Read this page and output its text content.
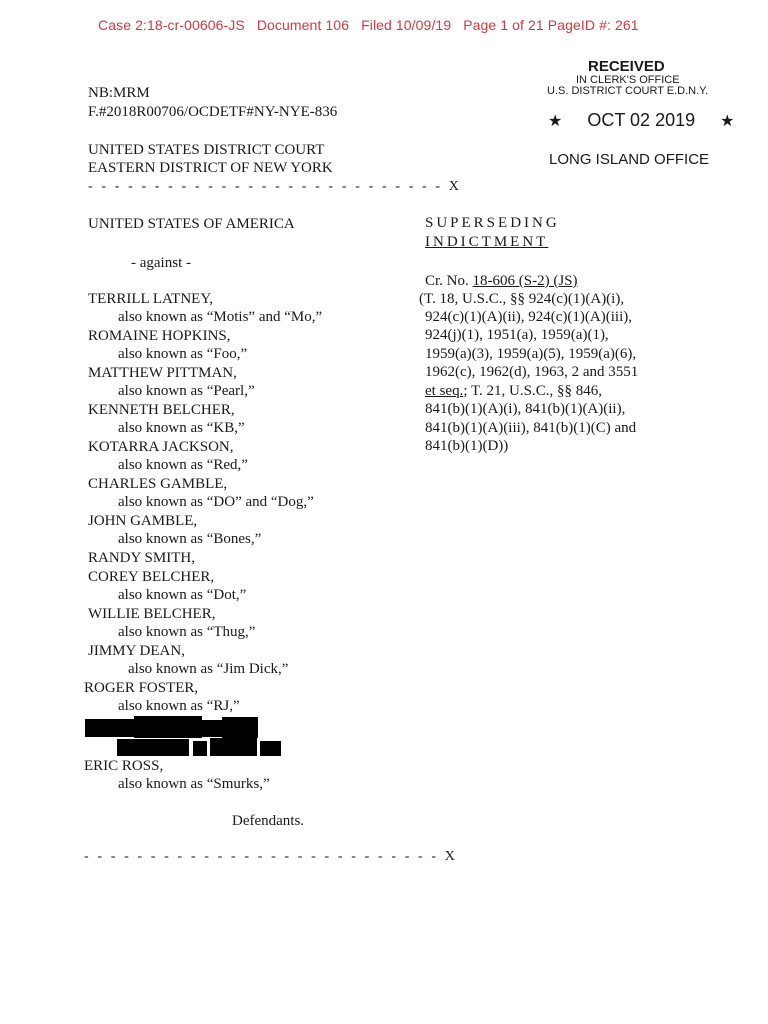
Case 2:18-cr-00606-JS Document 106 Filed 10/09/19 Page 1 of 21 PageID #: 261
RECEIVED
IN CLERK'S OFFICE
U.S. DISTRICT COURT E.D.N.Y.
★ OCT 02 2019 ★
LONG ISLAND OFFICE
NB:MRM
F.#2018R00706/OCDETF#NY-NYE-836
UNITED STATES DISTRICT COURT
EASTERN DISTRICT OF NEW YORK
- - - - - - - - - - - - - - - - - - - - - - - - - - - X
UNITED STATES OF AMERICA
- against -
SUPERSEDING
INDICTMENT
Cr. No. 18-606 (S-2) (JS)
(T. 18, U.S.C., §§ 924(c)(1)(A)(i),
924(c)(1)(A)(ii), 924(c)(1)(A)(iii),
924(j)(1), 1951(a), 1959(a)(1),
1959(a)(3), 1959(a)(5), 1959(a)(6),
1962(c), 1962(d), 1963, 2 and 3551
et seq.; T. 21, U.S.C., §§ 846,
841(b)(1)(A)(i), 841(b)(1)(A)(ii),
841(b)(1)(A)(iii), 841(b)(1)(C) and
841(b)(1)(D))
TERRILL LATNEY,
also known as “Motis” and “Mo,”
ROMAINE HOPKINS,
also known as “Foo,”
MATTHEW PITTMAN,
also known as “Pearl,”
KENNETH BELCHER,
also known as “KB,”
KOTARRA JACKSON,
also known as “Red,”
CHARLES GAMBLE,
also known as “DO” and “Dog,”
JOHN GAMBLE,
also known as “Bones,”
RANDY SMITH,
COREY BELCHER,
also known as “Dot,”
WILLIE BELCHER,
also known as “Thug,”
JIMMY DEAN,
also known as “Jim Dick,”
ROGER FOSTER,
also known as “RJ,”
ERIC ROSS,
also known as “Smurks,”
Defendants.
- - - - - - - - - - - - - - - - - - - - - - - - - - - X
